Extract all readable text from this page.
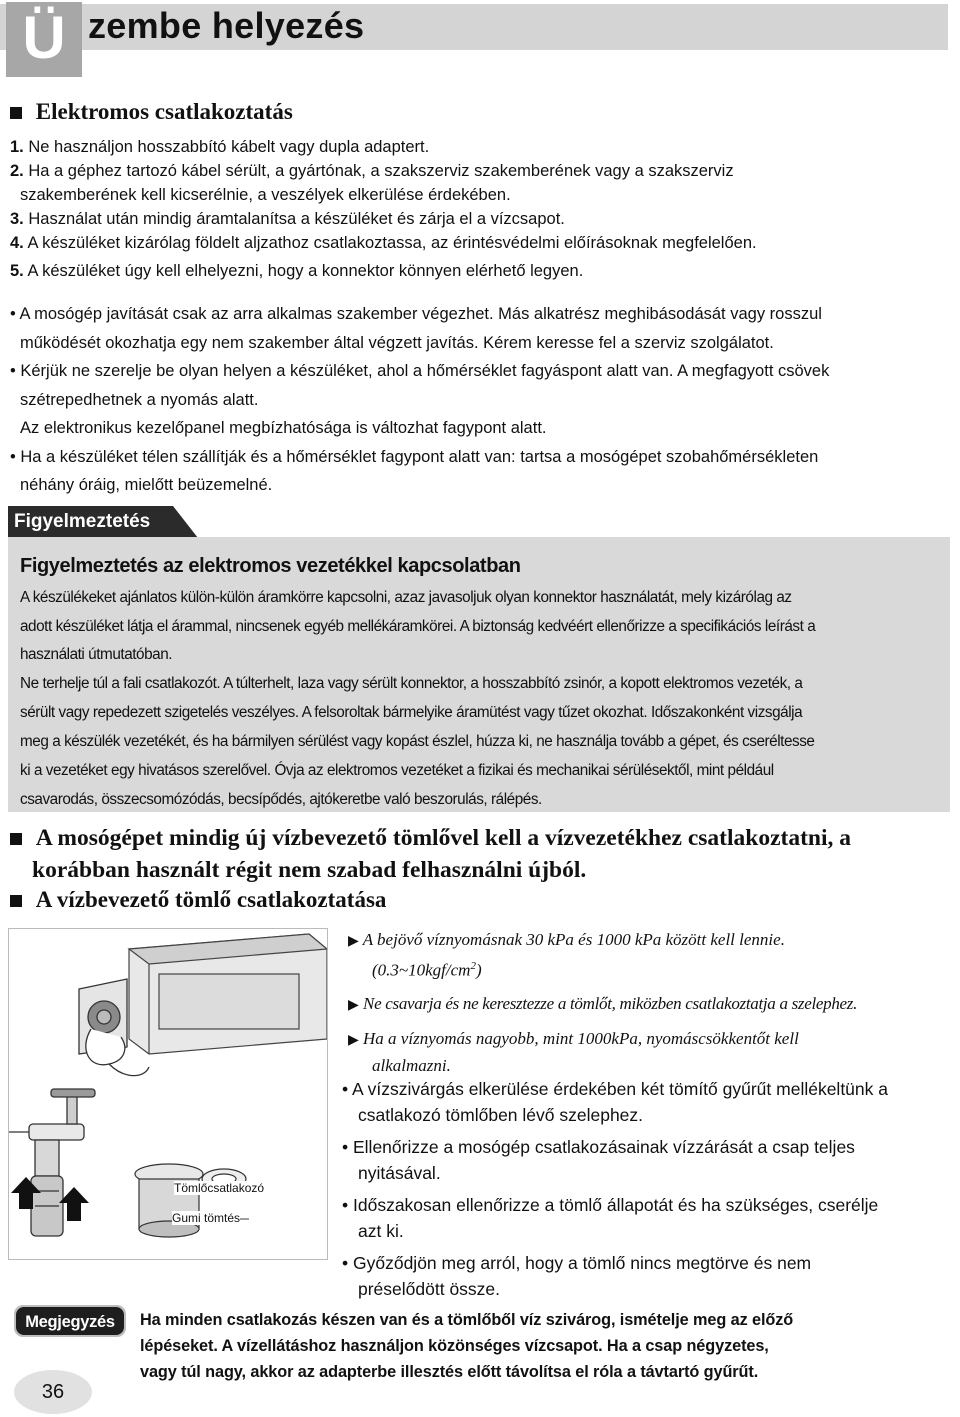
Ü zembe helyezés
Elektromos csatlakoztatás
1. Ne használjon hosszabbító kábelt vagy dupla adaptert.
2. Ha a géphez tartozó kábel sérült, a gyártónak, a szakszerviz szakemberének vagy a szakszerviz
szakemberének kell kicserélnie, a veszélyek elkerülése érdekében.
3. Használat után mindig áramtalanítsa a készüléket és zárja el a vízcsapot.
4. A készüléket kizárólag földelt aljzathoz csatlakoztassa, az érintésvédelmi előírásoknak megfelelően.
5. A készüléket úgy kell elhelyezni, hogy a konnektor könnyen elérhető legyen.
• A mosógép javítását csak az arra alkalmas szakember végezhet. Más alkatrész meghibásodását vagy rosszul
működését okozhatja egy nem szakember által végzett javítás. Kérem keresse fel a szerviz szolgálatot.
• Kérjük ne szerelje be olyan helyen a készüléket, ahol a hőmérséklet fagyáspont alatt van. A megfagyott csövek
szétrepedhetnek a nyomás alatt.
Az elektronikus kezelőpanel megbízhatósága is változhat fagypont alatt.
• Ha a készüléket télen szállítják és a hőmérséklet fagypont alatt van: tartsa a mosógépet szobahőmérsékleten
néhány óráig, mielőtt beüzemelné.
Figyelmeztetés
Figyelmeztetés az elektromos vezetékkel kapcsolatban
A készülékeket ajánlatos külön-külön áramkörre kapcsolni, azaz javasoljuk olyan konnektor használatát, mely kizárólag az
adott készüléket látja el árammal, nincsenek egyéb mellékáramkörei. A biztonság kedvéért ellenőrizze a specifikációs leírást a
használati útmutatóban.
Ne terhelje túl a fali csatlakozót. A túlterhelt, laza vagy sérült konnektor, a hosszabbító zsinór, a kopott elektromos vezeték, a
sérült vagy repedezett szigetelés veszélyes. A felsoroltak bármelyike áramütést vagy tűzet okozhat. Időszakonként vizsgálja
meg a készülék vezetékét, és ha bármilyen sérülést vagy kopást észlel, húzza ki, ne használja tovább a gépet, és cseréltesse
ki a vezetéket egy hivatásos szerelővel. Óvja az elektromos vezetéket a fizikai és mechanikai sérülésektől, mint például
csavarodás, összecsomózódás, becsípődés, ajtókeretbe való beszorulás, rálépés.
A mosógépet mindig új vízbevezető tömlővel kell a vízvezetékhez csatlakoztatni, a
korábban használt régit nem szabad felhasználni újból.
A vízbevezető tömlő csatlakoztatása
Tömlőcsatlakozó
Gumi tömtés
▶ A bejövő víznyomásnak 30 kPa és 1000 kPa között kell lennie.
$(0.3\sim 10kgf/cm^2)$
▶ Ne csavarja és ne keresztezze a tömlőt, miközben csatlakoztatja a szelephez.
▶ Ha a víznyomás nagyobb, mint 1000kPa, nyomáscsökkentőt kell
alkalmazni.
• A vízszivárgás elkerülése érdekében két tömítő gyűrűt mellékeltünk a
csatlakozó tömlőben lévő szelephez.
• Ellenőrizze a mosógép csatlakozásainak vízzárását a csap teljes
nyitásával.
• Időszakosan ellenőrizze a tömlő állapotát és ha szükséges, cserélje
azt ki.
• Győződjön meg arról, hogy a tömlő nincs megtörve és nem
préselődött össze.
Megjegyzés	Ha minden csatlakozás készen van és a tömlőből víz szivárog, ismételje meg az előző
lépéseket. A vízellátáshoz használjon közönséges vízcsapot. Ha a csap négyzetes,
vagy túl nagy, akkor az adapterbe illesztés előtt távolítsa el róla a távtartó gyűrűt.
36
